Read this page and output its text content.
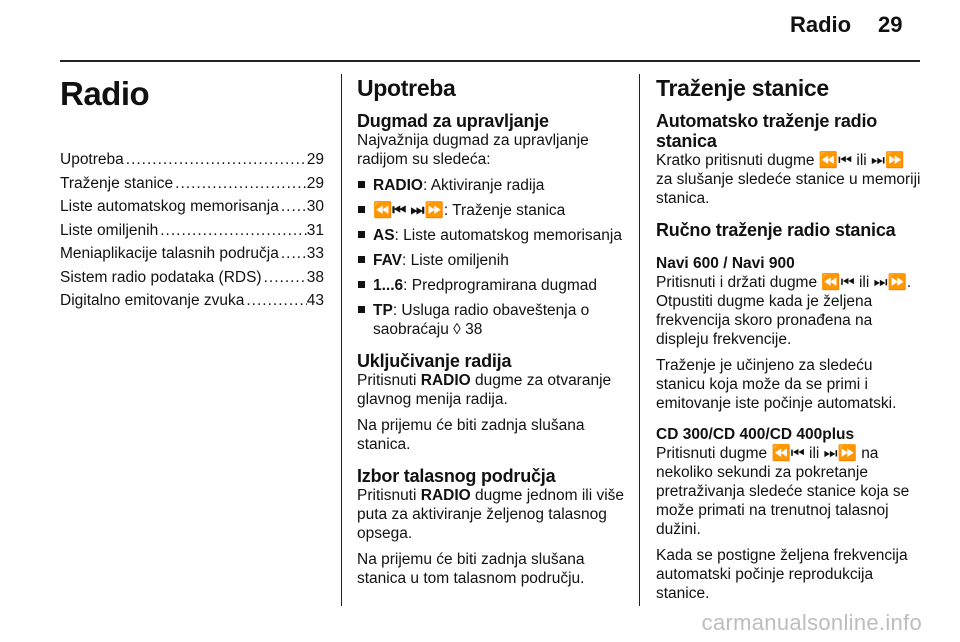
Radio 29
Radio
Upotreba .....	29
Traženje stanice .....	29
Liste automatskog memorisanja ..... 30
Liste omiljenih .....	31
Meniaplikacije talasnih područja ..... 33
Sistem radio podataka (RDS) .....	38
Digitalno emitovanje zvuka .....	43
Upotreba
Dugmad za upravljanje
Najvažnija dugmad za upravljanje radijom su sledeća:
RADIO: Aktiviranje radija
⏪⏮ ⏭⏩: Traženje stanica
AS: Liste automatskog memorisanja
FAV: Liste omiljenih
1...6: Predprogramirana dugmad
TP: Usluga radio obaveštenja o saobraćaju ◊ 38
Uključivanje radija
Pritisnuti RADIO dugme za otvaranje glavnog menija radija.
Na prijemu će biti zadnja slušana stanica.
Izbor talasnog područja
Pritisnuti RADIO dugme jednom ili više puta za aktiviranje željenog talasnog opsega.
Na prijemu će biti zadnja slušana stanica u tom talasnom području.
Traženje stanice
Automatsko traženje radio stanica
Kratko pritisnuti dugme ⏪⏮ ili ⏭⏩ za slušanje sledeće stanice u memoriji stanica.
Ručno traženje radio stanica
Navi 600 / Navi 900
Pritisnuti i držati dugme ⏪⏮ ili ⏭⏩. Otpustiti dugme kada je željena frekvencija skoro pronađena na displeju frekvencije.
Traženje je učinjeno za sledeću stanicu koja može da se primi i emitovanje iste počinje automatski.
CD 300/CD 400/CD 400plus
Pritisnuti dugme ⏪⏮ ili ⏭⏩ na nekoliko sekundi za pokretanje pretraživanja sledeće stanice koja se može primati na trenutnoj talasnoj dužini.
Kada se postigne željena frekvencija automatski počinje reprodukcija stanice.
carmanualsonline.info
